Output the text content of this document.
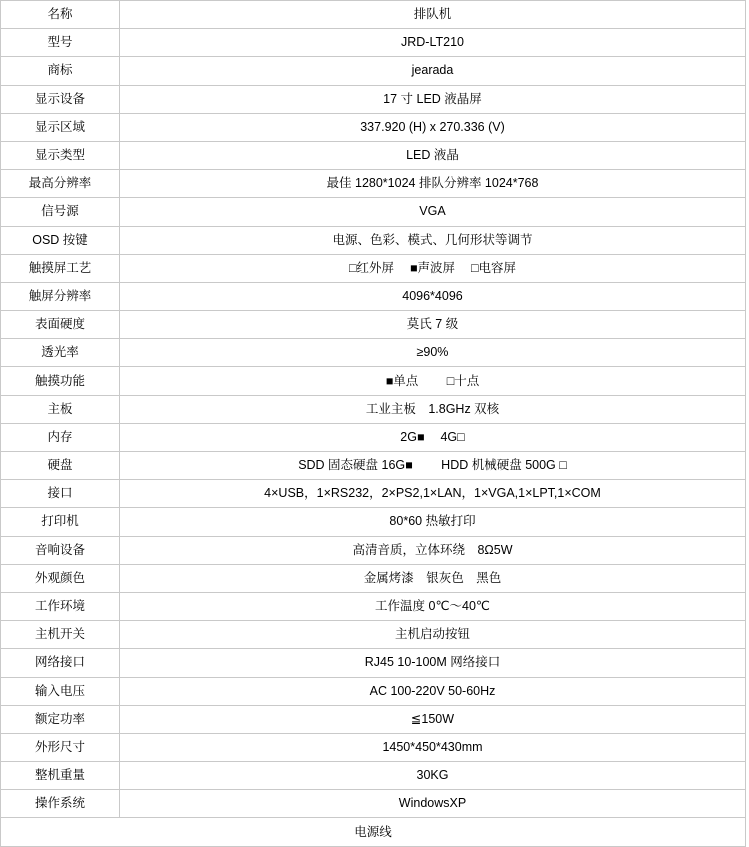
名称	排队机
型号	JRD-LT210
商标	jearada
显示设备	17 寸 LED 液晶屏
显示区域	337.920 (H) x 270.336 (V)
显示类型	LED 液晶
最高分辨率	最佳 1280*1024 排队分辨率 1024*768
信号源	VGA
OSD 按键	电源、色彩、模式、几何形状等调节
触摸屏工艺	□红外屏　 ■声波屏　 □电容屏
触屏分辨率	4096*4096
表面硬度	莫氏 7 级
透光率	≥90%
触摸功能	■单点　　 □十点
主板	工业主板　1.8GHz 双核
内存	2G■　 4G□
硬盘	SDD 固态硬盘 16G■　　 HDD 机械硬盘 500G □
接口	4×USB，1×RS232，2×PS2,1×LAN，1×VGA,1×LPT,1×COM
打印机	80*60 热敏打印
音响设备	高清音质，立体环绕　8Ω5W
外观颜色	金属烤漆　银灰色　黑色
工作环境	工作温度 0℃～40℃
主机开关	主机启动按钮
网络接口	RJ45 10-100M 网络接口
输入电压	AC 100-220V 50-60Hz
额定功率	≦150W
外形尺寸	1450*450*430mm
整机重量	30KG
操作系统	WindowsXP
电源线	
